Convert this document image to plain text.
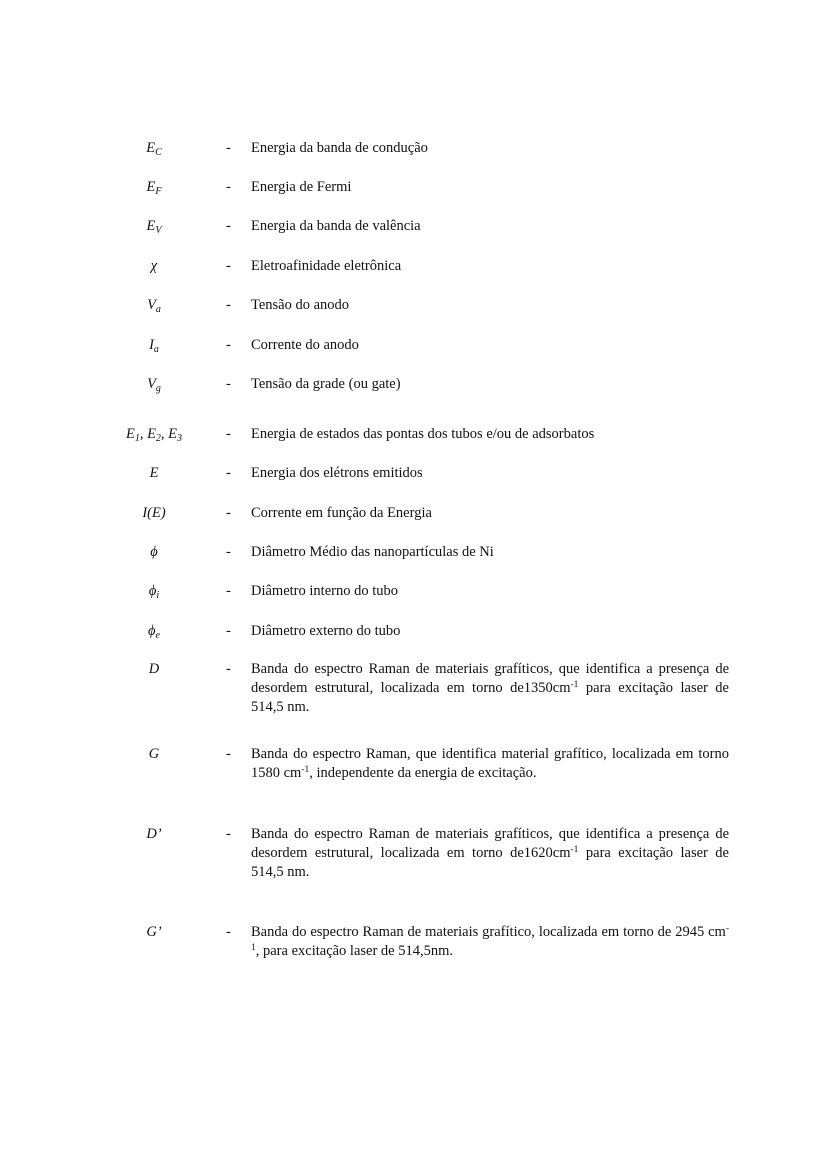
$E_C$	-	Energia da banda de condução
$E_F$	-	Energia de Fermi
$E_V$	-	Energia da banda de valência
χ	-	Eletroafinidade eletrônica
$V_a$	-	Tensão do anodo
$I_a$	-	Corrente do anodo
$V_g$	-	Tensão da grade (ou gate)
$E_1$, $E_2$, $E_3$	-	Energia de estados das pontas dos tubos e/ou de adsorbatos
E	-	Energia dos elétrons emitidos
I(E)	-	Corrente em função da Energia
ϕ	-	Diâmetro Médio das nanopartículas de Ni
$\phi_i$	-	Diâmetro interno do tubo
$\phi_e$	-	Diâmetro externo do tubo
D	-	Banda do espectro Raman de materiais grafíticos, que identifica a presença de desordem estrutural, localizada em torno $de1350cm^{-1}$ para excitação laser de 514,5 nm.
G	-	Banda do espectro Raman, que identifica material grafítico, localizada em torno 1580 $cm^{-1}$, independente da energia de excitação.
D’	-	Banda do espectro Raman de materiais grafíticos, que identifica a presença de desordem estrutural, localizada em torno $de1620cm^{-1}$ para excitação laser de 514,5 nm.
G’	-	Banda do espectro Raman de materiais grafítico, localizada em torno de 2945 $cm^{-1}$, para excitação laser de 514,5nm.
